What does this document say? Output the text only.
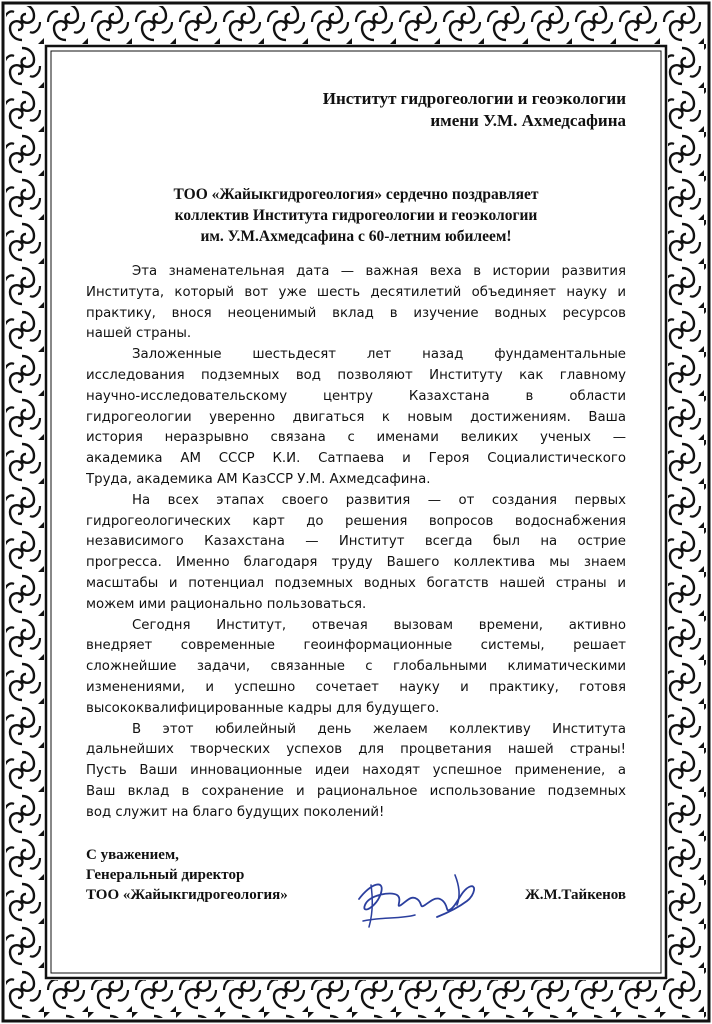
Институт гидрогеологии и геоэкологии
имени У.М. Ахмедсафина
ТОО «Жайыкгидрогеология» сердечно поздравляет
коллектив Института гидрогеологии и геоэкологии
им. У.М.Ахмедсафина с 60-летним юбилеем!
Эта знаменательная дата — важная веха в истории развития
Института, который вот уже шесть десятилетий объединяет науку и
практику, внося неоценимый вклад в изучение водных ресурсов
нашей страны.
Заложенные шестьдесят лет назад фундаментальные
исследования подземных вод позволяют Институту как главному
научно-исследовательскому центру Казахстана в области
гидрогеологии уверенно двигаться к новым достижениям. Ваша
история неразрывно связана с именами великих ученых —
академика АМ СССР К.И. Сатпаева и Героя Социалистического
Труда, академика АМ КазССР У.М. Ахмедсафина.
На всех этапах своего развития — от создания первых
гидрогеологических карт до решения вопросов водоснабжения
независимого Казахстана — Институт всегда был на острие
прогресса. Именно благодаря труду Вашего коллектива мы знаем
масштабы и потенциал подземных водных богатств нашей страны и
можем ими рационально пользоваться.
Сегодня Институт, отвечая вызовам времени, активно
внедряет современные геоинформационные системы, решает
сложнейшие задачи, связанные с глобальными климатическими
изменениями, и успешно сочетает науку и практику, готовя
высококвалифицированные кадры для будущего.
В этот юбилейный день желаем коллективу Института
дальнейших творческих успехов для процветания нашей страны!
Пусть Ваши инновационные идеи находят успешное применение, а
Ваш вклад в сохранение и рациональное использование подземных
вод служит на благо будущих поколений!
С уважением,
Генеральный директор
ТОО «Жайыкгидрогеология»	Ж.М.Тайкенов
